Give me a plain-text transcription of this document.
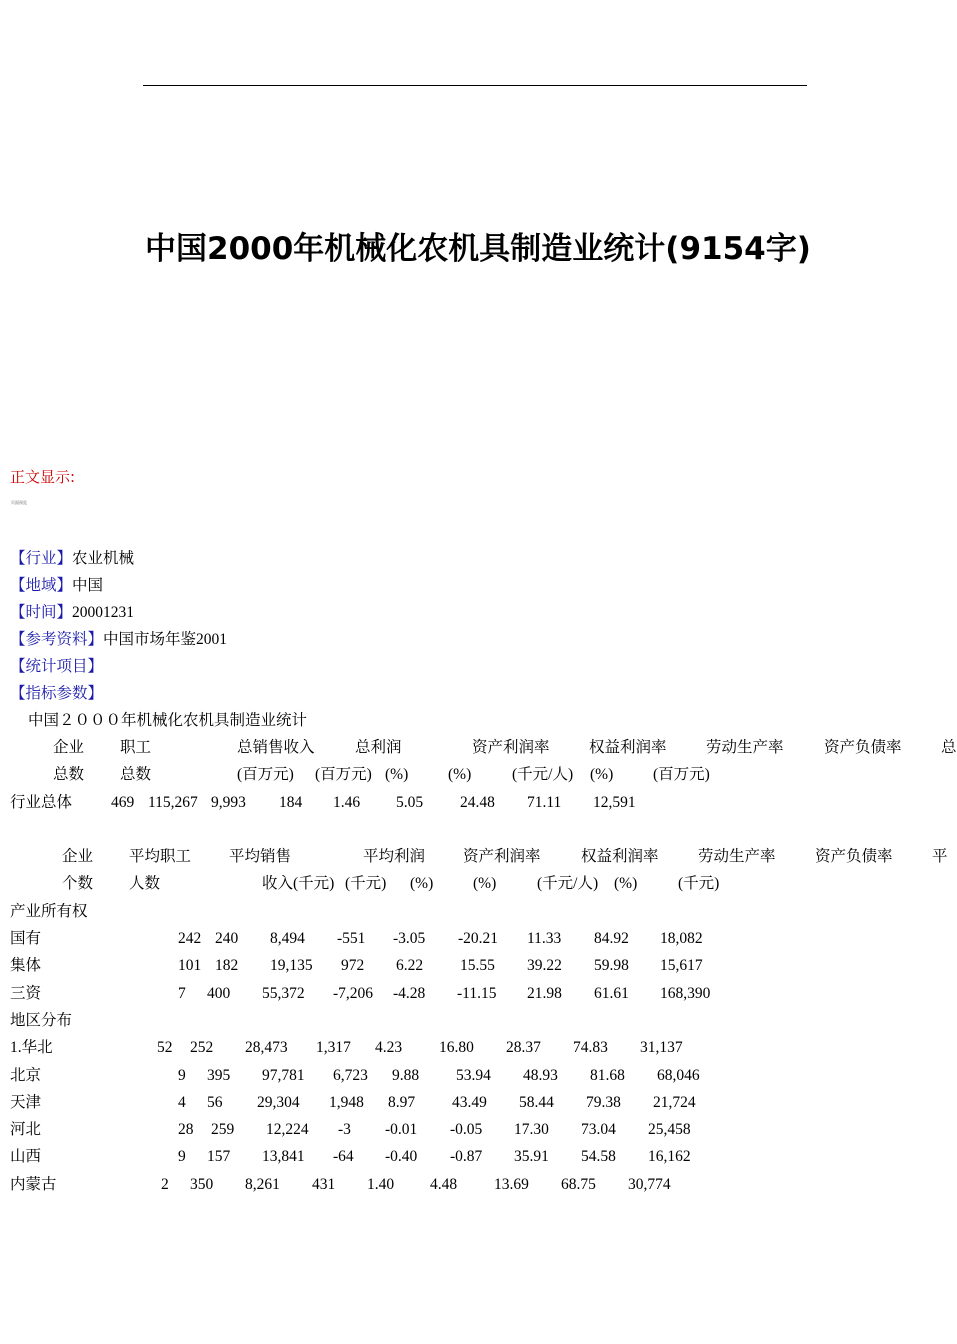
中国2000年机械化农机具制造业统计(9154字)
正文显示:
页面预览
【行业】农业机械
【地域】中国
【时间】20001231
【参考资料】中国市场年鉴2001
【统计项目】
【指标参数】
中国２０００年机械化农机具制造业统计
企业 职工	总销售收入	总利润	资产利润率	权益利润率	劳动生产率	资产负债率	总
总数 总数	(百万元) (百万元) (%)	(%)	(千元/人) (%)	(百万元)
行业总体	469 115,267 9,993 184 1.46 5.05 24.48 71.11 12,591
企业 平均职工 平均销售	平均利润 资产利润率	权益利润率	劳动生产率	资产负债率	平
个数 人数	收入(千元) (千元) (%)	(%)	(千元/人) (%)	(千元)
产业所有权
国有	242 240 8,494 -551 -3.05 -20.21 11.33 84.92 18,082
集体	101 182 19,135 972 6.22 15.55 39.22 59.98 15,617
三资	7 400 55,372 -7,206 -4.28 -11.15 21.98 61.61 168,390
地区分布
1.华北	52 252 28,473 1,317 4.23 16.80 28.37 74.83 31,137
北京	9 395 97,781 6,723 9.88 53.94 48.93 81.68 68,046
天津	4 56 29,304 1,948 8.97 43.49 58.44 79.38 21,724
河北	28 259 12,224 -3 -0.01 -0.05 17.30 73.04 25,458
山西	9 157 13,841 -64 -0.40 -0.87 35.91 54.58 16,162
内蒙古	2 350 8,261 431 1.40 4.48 13.69 68.75 30,774
